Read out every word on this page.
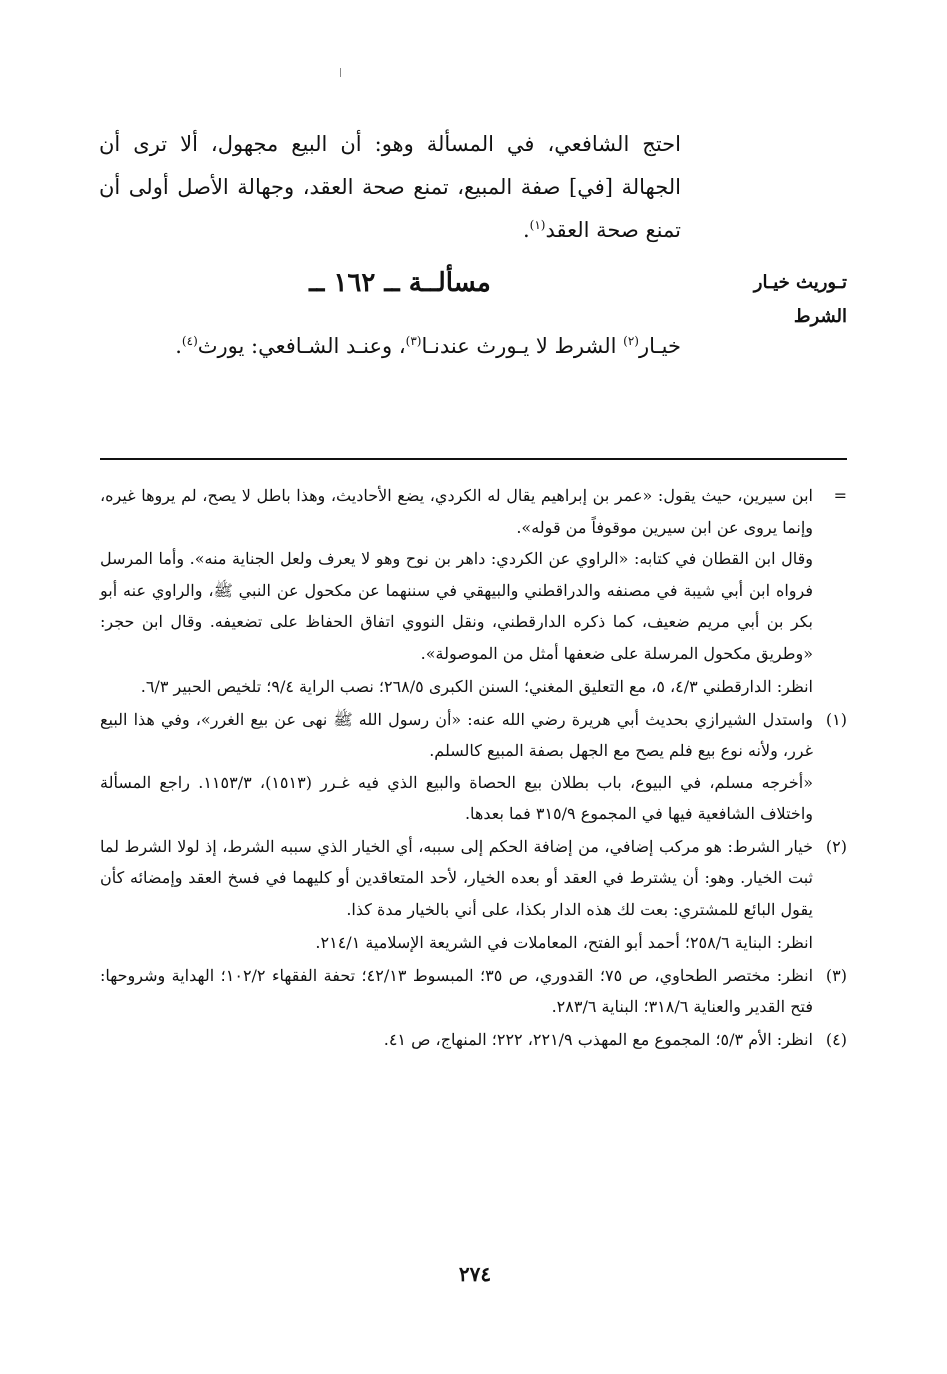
احتج الشافعي، في المسألة وهو: أن البيع مجهول، ألا ترى أن الجهالة [في] صفة المبيع، تمنع صحة العقد، وجهالة الأصل أولى أن تمنع صحة العقد$^{(١)}$.

تـوريث خيـار الشرط
مسألــة ــ ١٦٢ ــ

خيـار$^{(٢)}$ الشرط لا يـورث عندنـا$^{(٣)}$، وعنـد الشـافعي: يورث$^{(٤)}$.

=

ابن سيرين، حيث يقول: «عمر بن إبراهيم يقال له الكردي، يضع الأحاديث، وهذا باطل لا يصح، لم يروها غيره، وإنما يروى عن ابن سيرين موقوفاً من قوله».

وقال ابن القطان في كتابه: «الراوي عن الكردي: داهر بن نوح وهو لا يعرف ولعل الجناية منه». وأما المرسل فرواه ابن أبي شيبة في مصنفه والدراقطني والبيهقي في سننهما عن مكحول عن النبي ﷺ، والراوي عنه أبو بكر بن أبي مريم ضعيف، كما ذكره الدارقطني، ونقل النووي اتفاق الحفاظ على تضعيفه. وقال ابن حجر: «وطريق مكحول المرسلة على ضعفها أمثل من الموصولة».

انظر: الدارقطني ٤/٣، ٥، مع التعليق المغني؛ السنن الكبرى ٢٦٨/٥؛ نصب الراية ٩/٤؛ تلخيص الحبير ٦/٣.

(١)

واستدل الشيرازي بحديث أبي هريرة رضي الله عنه: «أن رسول الله ﷺ نهى عن بيع الغرر»، وفي هذا البيع غرر، ولأنه نوع بيع فلم يصح مع الجهل بصفة المبيع كالسلم.

«أخرجه مسلم، في البيوع، باب بطلان بيع الحصاة والبيع الذي فيه غـرر (١٥١٣)، ١١٥٣/٣. راجع المسألة واختلاف الشافعية فيها في المجموع ٣١٥/٩ فما بعدها.

(٢)

خيار الشرط: هو مركب إضافي، من إضافة الحكم إلى سببه، أي الخيار الذي سببه الشرط، إذ لولا الشرط لما ثبت الخيار. وهو: أن يشترط في العقد أو بعده الخيار، لأحد المتعاقدين أو كليهما في فسخ العقد وإمضائه كأن يقول البائع للمشتري: بعت لك هذه الدار بكذا، على أني بالخيار مدة كذا.

انظر: البناية ٢٥٨/٦؛ أحمد أبو الفتح، المعاملات في الشريعة الإسلامية ٢١٤/١.

(٣)

انظر: مختصر الطحاوي، ص ٧٥؛ القدوري، ص ٣٥؛ المبسوط ٤٢/١٣؛ تحفة الفقهاء ١٠٢/٢؛ الهداية وشروحها: فتح القدير والعناية ٣١٨/٦؛ البناية ٢٨٣/٦.

(٤)

انظر: الأم ٥/٣؛ المجموع مع المهذب ٢٢١/٩، ٢٢٢؛ المنهاج، ص ٤١.

٢٧٤
